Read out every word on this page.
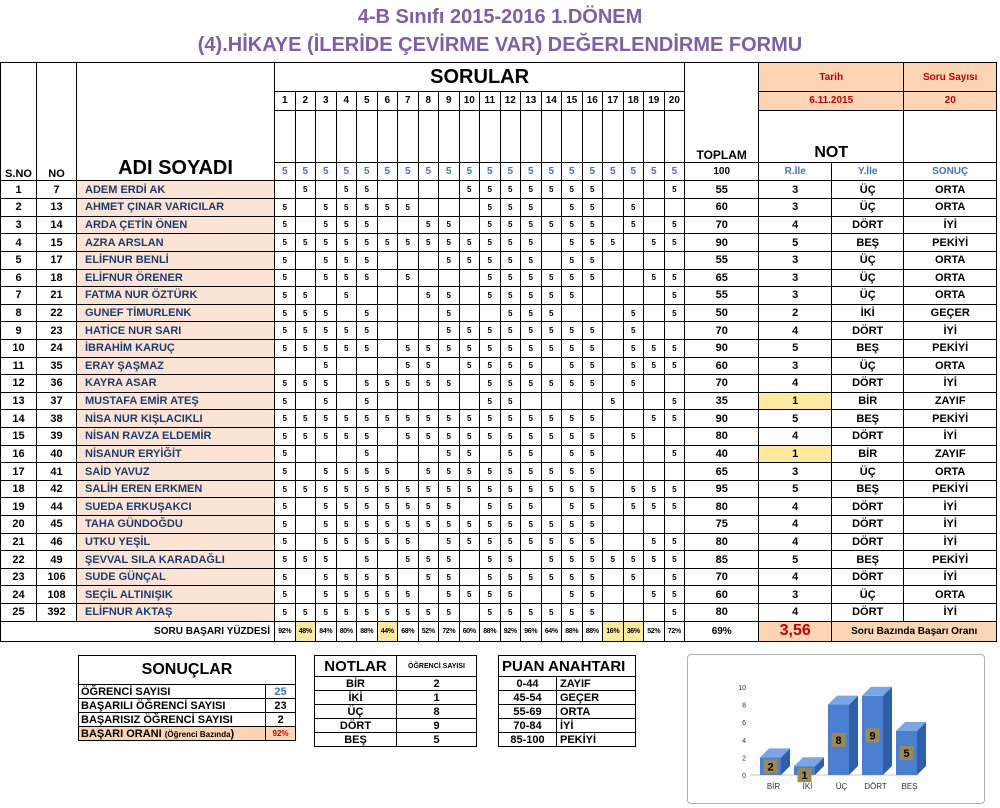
4-B Sınıfı 2015-2016 1.DÖNEM
(4).HİKAYE (İLERİDE ÇEVİRME VAR) DEĞERLENDİRME FORMU
S.NO	NO	ADI SOYADI	SORULAR																				TOPLAM	Tarih		Soru Sayısı
			1	2	3	4	5	6	7	8	9	10	11	12	13	14	15	16	17	18	19	20		6.11.2015		20
																								NOT		
			5	5	5	5	5	5	5	5	5	5	5	5	5	5	5	5	5	5	5	5	100	R.İle	Y.İle	SONUÇ
1	7	ADEM ERDİ AK		5		5	5					5	5	5	5	5	5	5				5	55	3	ÜÇ	ORTA
2	13	AHMET ÇINAR VARICILAR	5		5	5	5	5	5				5	5	5		5	5		5			60	3	ÜÇ	ORTA
3	14	ARDA ÇETİN ÖNEN	5		5	5	5			5	5		5	5	5	5	5	5		5		5	70	4	DÖRT	İYİ
4	15	AZRA ARSLAN	5	5	5	5	5	5	5	5	5	5	5	5	5		5	5	5		5	5	90	5	BEŞ	PEKİYİ
5	17	ELİFNUR BENLİ	5		5	5	5				5	5	5	5	5		5	5					55	3	ÜÇ	ORTA
6	18	ELİFNUR ÖRENER	5		5	5	5		5				5	5	5	5	5	5			5	5	65	3	ÜÇ	ORTA
7	21	FATMA NUR ÖZTÜRK	5	5		5				5	5		5	5	5	5	5					5	55	3	ÜÇ	ORTA
8	22	GUNEF TİMURLENK	5	5	5		5				5			5	5	5				5		5	50	2	İKİ	GEÇER
9	23	HATİCE NUR SARI	5	5	5	5	5				5	5	5	5	5	5	5	5		5			70	4	DÖRT	İYİ
10	24	İBRAHİM KARUÇ	5	5	5	5	5		5	5	5	5	5	5	5	5	5	5		5	5	5	90	5	BEŞ	PEKİYİ
11	35	ERAY ŞAŞMAZ			5				5	5		5	5	5	5		5	5		5	5	5	60	3	ÜÇ	ORTA
12	36	KAYRA ASAR	5	5	5		5	5	5	5	5		5	5	5	5	5	5		5			70	4	DÖRT	İYİ
13	37	MUSTAFA EMİR ATEŞ	5		5		5						5	5					5			5	35	1	BİR	ZAYIF
14	38	NİSA NUR KIŞLACIKLI	5	5	5	5	5	5	5	5	5	5	5	5	5	5	5	5			5	5	90	5	BEŞ	PEKİYİ
15	39	NİSAN RAVZA ELDEMİR	5	5	5	5	5		5	5	5	5	5	5	5	5	5	5		5			80	4	DÖRT	İYİ
16	40	NİSANUR ERYİĞİT	5				5				5	5		5	5		5	5				5	40	1	BİR	ZAYIF
17	41	SAİD YAVUZ	5		5	5	5	5		5	5	5	5	5	5	5	5	5					65	3	ÜÇ	ORTA
18	42	SALİH EREN ERKMEN	5	5	5	5	5	5	5	5	5	5	5	5	5	5	5	5		5	5	5	95	5	BEŞ	PEKİYİ
19	44	SUEDA ERKUŞAKCI	5		5	5	5	5	5	5	5		5	5	5		5	5		5	5	5	80	4	DÖRT	İYİ
20	45	TAHA GÜNDOĞDU	5		5	5	5	5	5	5	5	5	5	5	5	5	5	5					75	4	DÖRT	İYİ
21	46	UTKU YEŞİL	5		5	5	5	5	5		5	5	5	5	5	5	5	5			5	5	80	4	DÖRT	İYİ
22	49	ŞEVVAL SILA KARADAĞLI	5	5	5		5		5	5	5		5	5		5	5	5	5	5	5	5	85	5	BEŞ	PEKİYİ
23	106	SUDE GÜNÇAL	5		5	5	5	5		5	5		5	5	5	5	5	5		5		5	70	4	DÖRT	İYİ
24	108	SEÇİL ALTINIŞIK	5		5	5	5	5	5		5	5	5	5			5	5			5	5	60	3	ÜÇ	ORTA
25	392	ELİFNUR AKTAŞ	5	5	5	5	5	5	5	5	5		5	5	5	5	5	5				5	80	4	DÖRT	İYİ
SORU BAŞARI YÜZDESİ			92%	48%	84%	80%	88%	44%	68%	52%	72%	60%	88%	92%	96%	64%	88%	88%	16%	36%	52%	72%	69%	3,56	Soru Bazında Başarı Oranı	
SONUÇLAR	
ÖĞRENCİ SAYISI	25
BAŞARILI ÖĞRENCİ SAYISI	23
BAŞARISIZ ÖĞRENCİ SAYISI	2
BAŞARI ORANI (Öğrenci Bazında)	92%
NOTLAR	ÖĞRENCİ SAYISI
BİR	2
İKİ	1
ÜÇ	8
DÖRT	9
BEŞ	5
PUAN ANAHTARI	
0-44	ZAYIF
45-54	GEÇER
55-69	ORTA
70-84	İYİ
85-100	PEKİYİ
0
2
4
6
8
10
2
BİR
1
İKİ
8
ÜÇ
9
DÖRT
5
BEŞ
